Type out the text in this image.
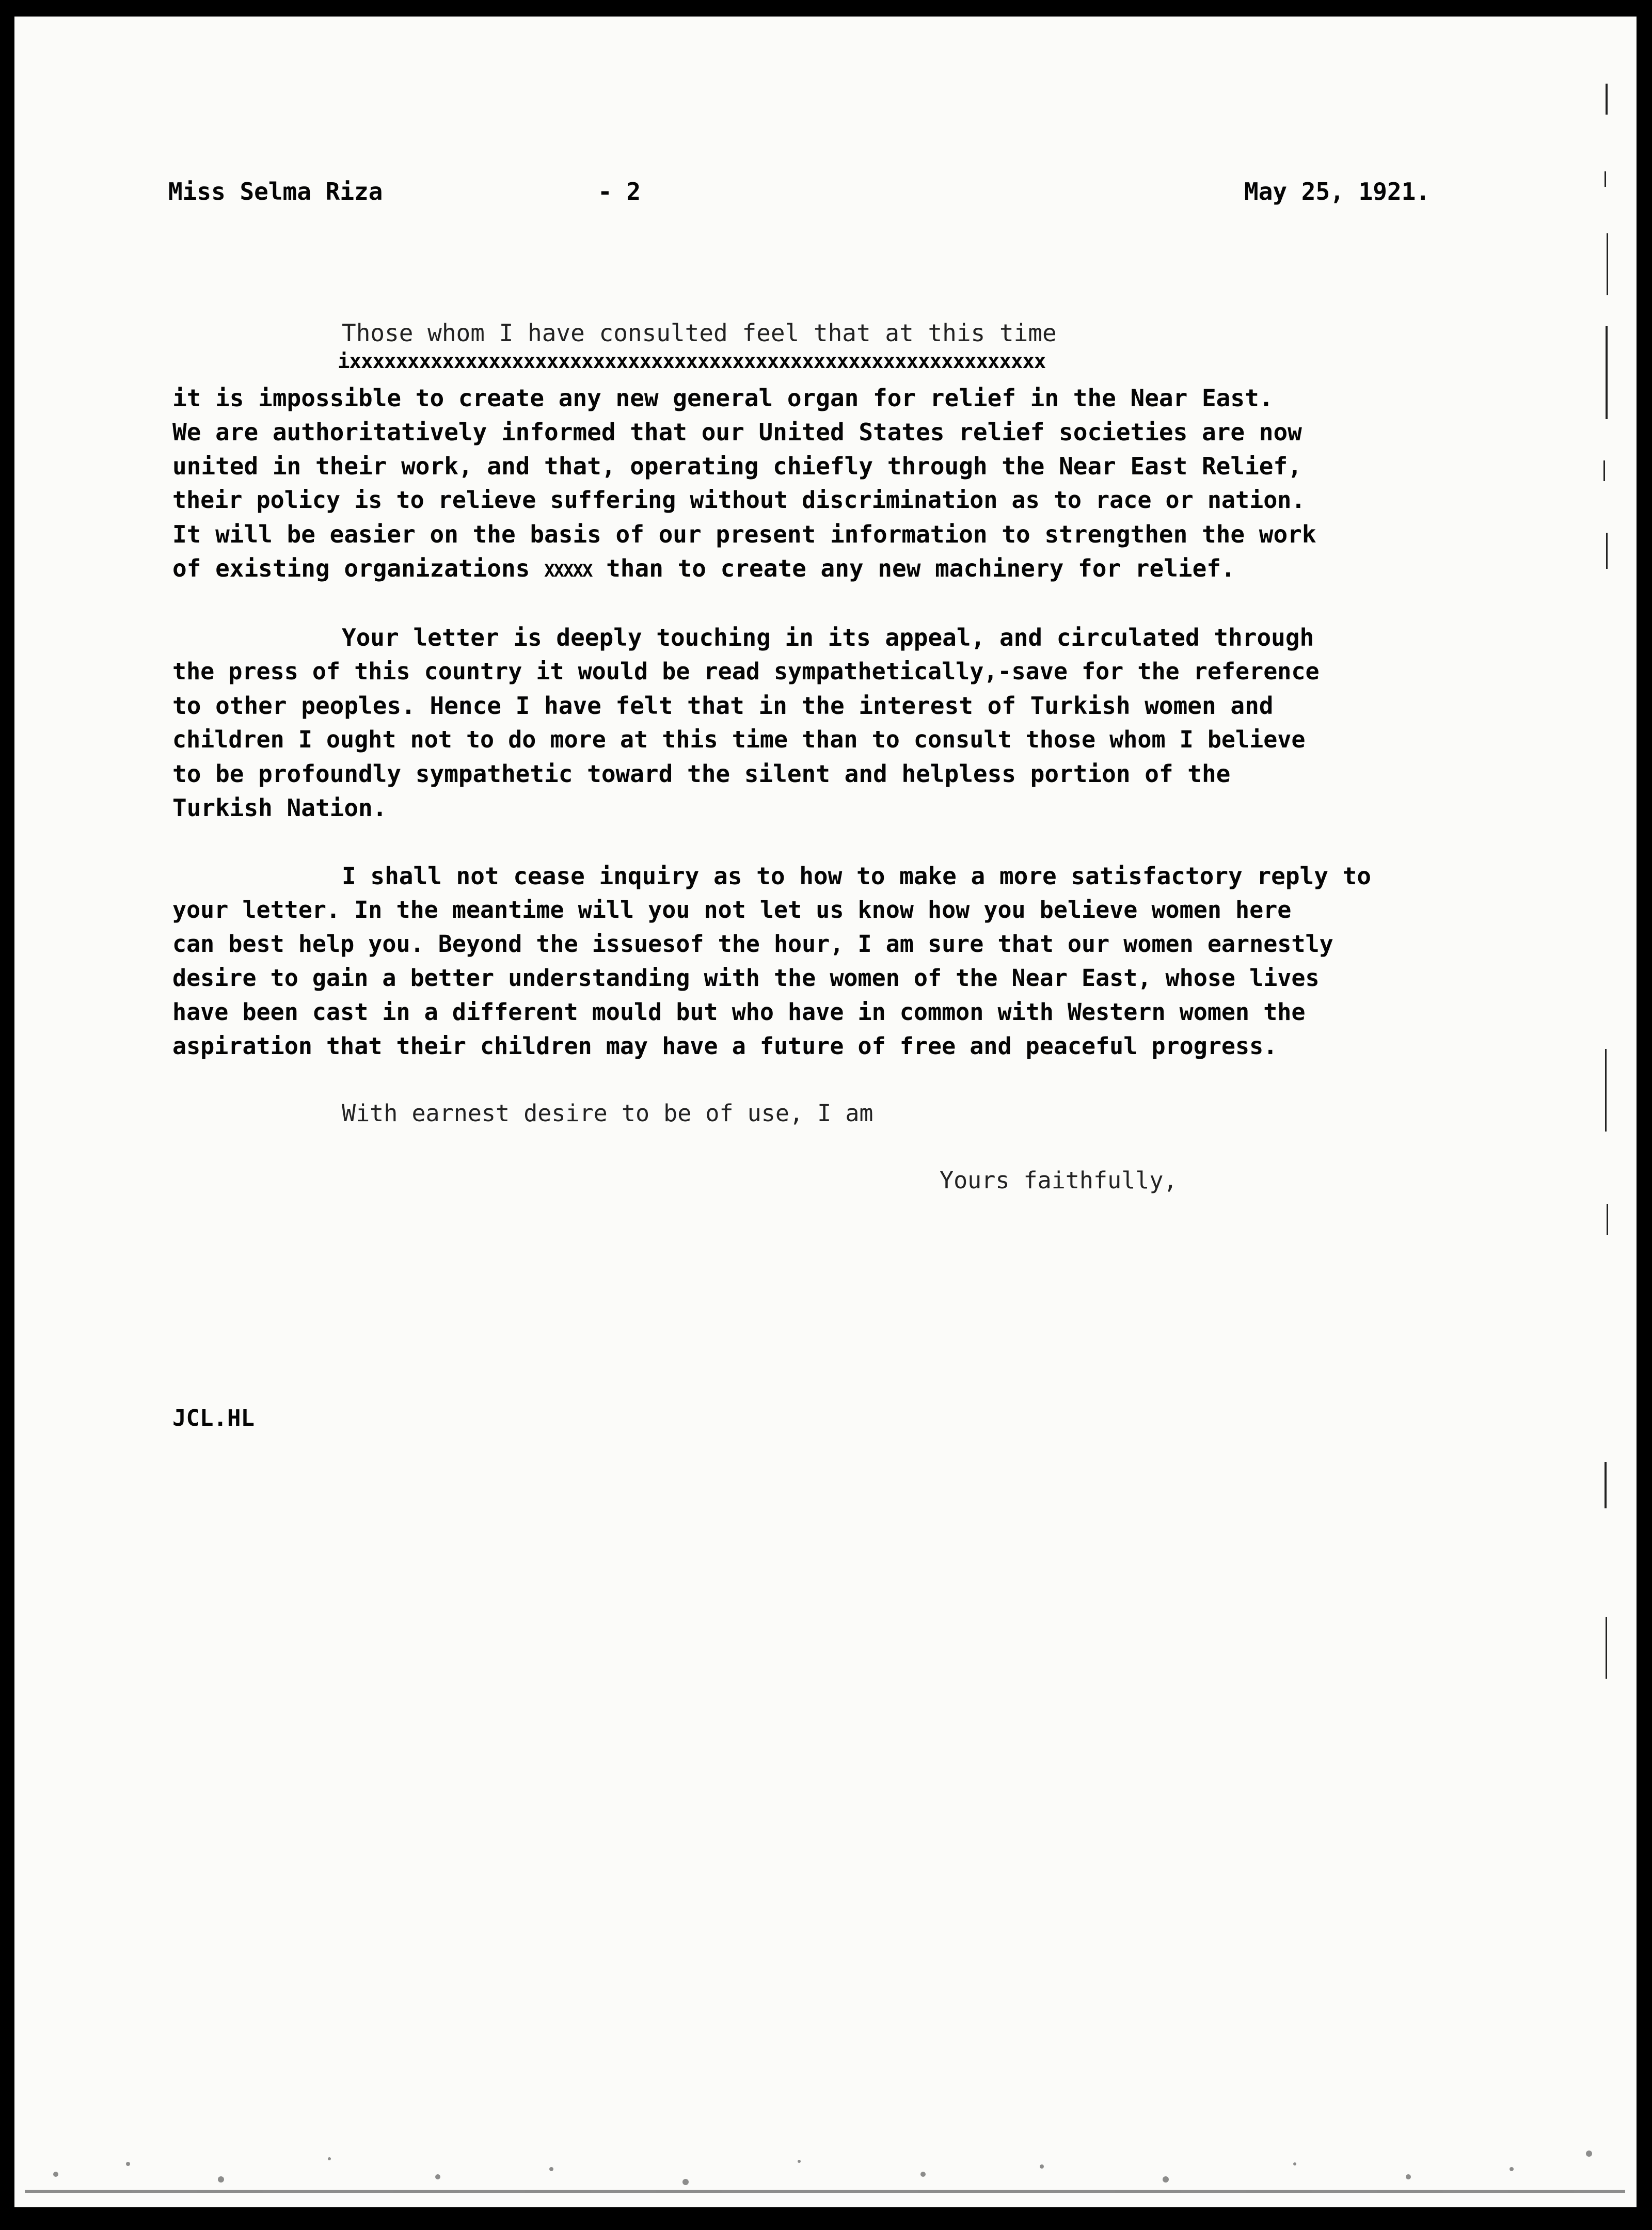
Miss Selma Riza	- 2	May 25, 1921.
Those whom I have consulted feel that at this time
ixxxxxxxxxxxxxxxxxxxxxxxxxxxxxxxxxxxxxxxxxxxxxxxxxxxxxxxxxxxx
it is impossible to create any new general organ for relief in the Near East.
We are authoritatively informed that our United States relief societies are now
united in their work, and that, operating chiefly through the Near East Relief,
their policy is to relieve suffering without discrimination as to race or nation.
It will be easier on the basis of our present information to strengthen the work
of existing organizations XXXXX than to create any new machinery for relief.
Your letter is deeply touching in its appeal, and circulated through
the press of this country it would be read sympathetically,-save for the reference
to other peoples. Hence I have felt that in the interest of Turkish women and
children I ought not to do more at this time than to consult those whom I believe
to be profoundly sympathetic toward the silent and helpless portion of the
Turkish Nation.
I shall not cease inquiry as to how to make a more satisfactory reply to
your letter. In the meantime will you not let us know how you believe women here
can best help you. Beyond the issuesof the hour, I am sure that our women earnestly
desire to gain a better understanding with the women of the Near East, whose lives
have been cast in a different mould but who have in common with Western women the
aspiration that their children may have a future of free and peaceful progress.
With earnest desire to be of use, I am
Yours faithfully,
JCL.HL
